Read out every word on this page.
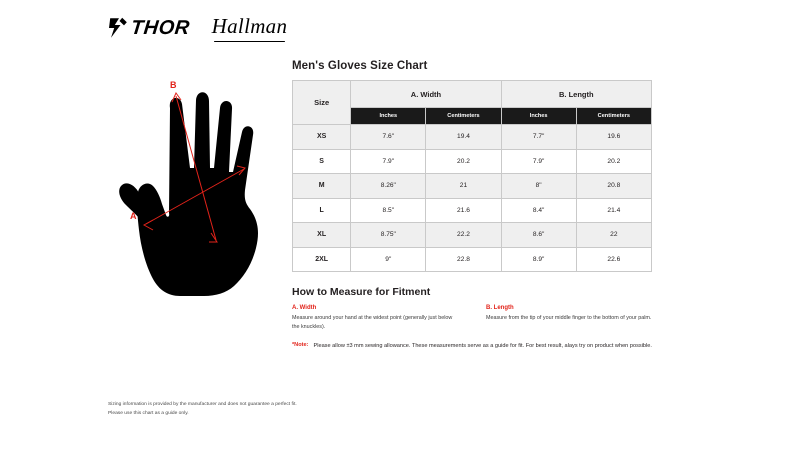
THOR Hallman
A
B
Men's Gloves Size Chart
Size	A. Width		B. Length	
	Inches	Centimeters	Inches	Centimeters
XS	7.6"	19.4	7.7"	19.6
S	7.9"	20.2	7.9"	20.2
M	8.26"	21	8"	20.8
L	8.5"	21.6	8.4"	21.4
XL	8.75"	22.2	8.6"	22
2XL	9"	22.8	8.9"	22.6
How to Measure for Fitment
A. Width
Measure around your hand at the widest point (generally just below the knuckles).
B. Length
Measure from the tip of your middle finger to the bottom of your palm.
*Note: Please allow ±3 mm sewing allowance. These measurements serve as a guide for fit. For best result, alays try on product when possible.
Sizing information is provided by the manufacturer and does not guarantee a perfect fit.
Please use this chart as a guide only.
